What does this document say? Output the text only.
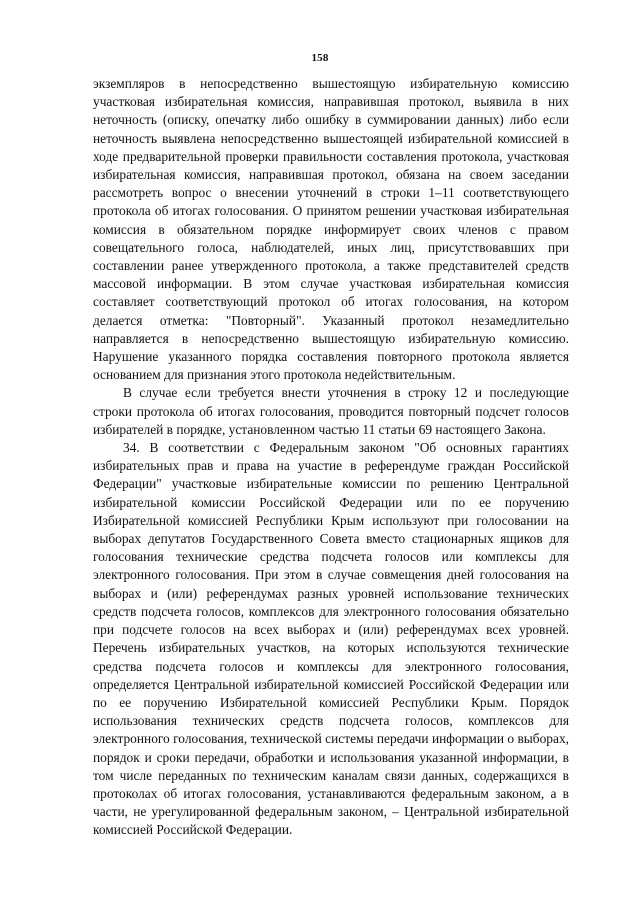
158

экземпляров в непосредственно вышестоящую избирательную комиссию участковая избирательная комиссия, направившая протокол, выявила в них неточность (описку, опечатку либо ошибку в суммировании данных) либо если неточность выявлена непосредственно вышестоящей избирательной комиссией в ходе предварительной проверки правильности составления протокола, участковая избирательная комиссия, направившая протокол, обязана на своем заседании рассмотреть вопрос о внесении уточнений в строки 1–11 соответствующего протокола об итогах голосования. О принятом решении участковая избирательная комиссия в обязательном порядке информирует своих членов с правом совещательного голоса, наблюдателей, иных лиц, присутствовавших при составлении ранее утвержденного протокола, а также представителей средств массовой информации. В этом случае участковая избирательная комиссия составляет соответствующий протокол об итогах голосования, на котором делается отметка: "Повторный". Указанный протокол незамедлительно направляется в непосредственно вышестоящую избирательную комиссию. Нарушение указанного порядка составления повторного протокола является основанием для признания этого протокола недействительным.

В случае если требуется внести уточнения в строку 12 и последующие строки протокола об итогах голосования, проводится повторный подсчет голосов избирателей в порядке, установленном частью 11 статьи 69 настоящего Закона.

34. В соответствии с Федеральным законом "Об основных гарантиях избирательных прав и права на участие в референдуме граждан Российской Федерации" участковые избирательные комиссии по решению Центральной избирательной комиссии Российской Федерации или по ее поручению Избирательной комиссией Республики Крым используют при голосовании на выборах депутатов Государственного Совета вместо стационарных ящиков для голосования технические средства подсчета голосов или комплексы для электронного голосования. При этом в случае совмещения дней голосования на выборах и (или) референдумах разных уровней использование технических средств подсчета голосов, комплексов для электронного голосования обязательно при подсчете голосов на всех выборах и (или) референдумах всех уровней. Перечень избирательных участков, на которых используются технические средства подсчета голосов и комплексы для электронного голосования, определяется Центральной избирательной комиссией Российской Федерации или по ее поручению Избирательной комиссией Республики Крым. Порядок использования технических средств подсчета голосов, комплексов для электронного голосования, технической системы передачи информации о выборах, порядок и сроки передачи, обработки и использования указанной информации, в том числе переданных по техническим каналам связи данных, содержащихся в протоколах об итогах голосования, устанавливаются федеральным законом, а в части, не урегулированной федеральным законом, – Центральной избирательной комиссией Российской Федерации.
